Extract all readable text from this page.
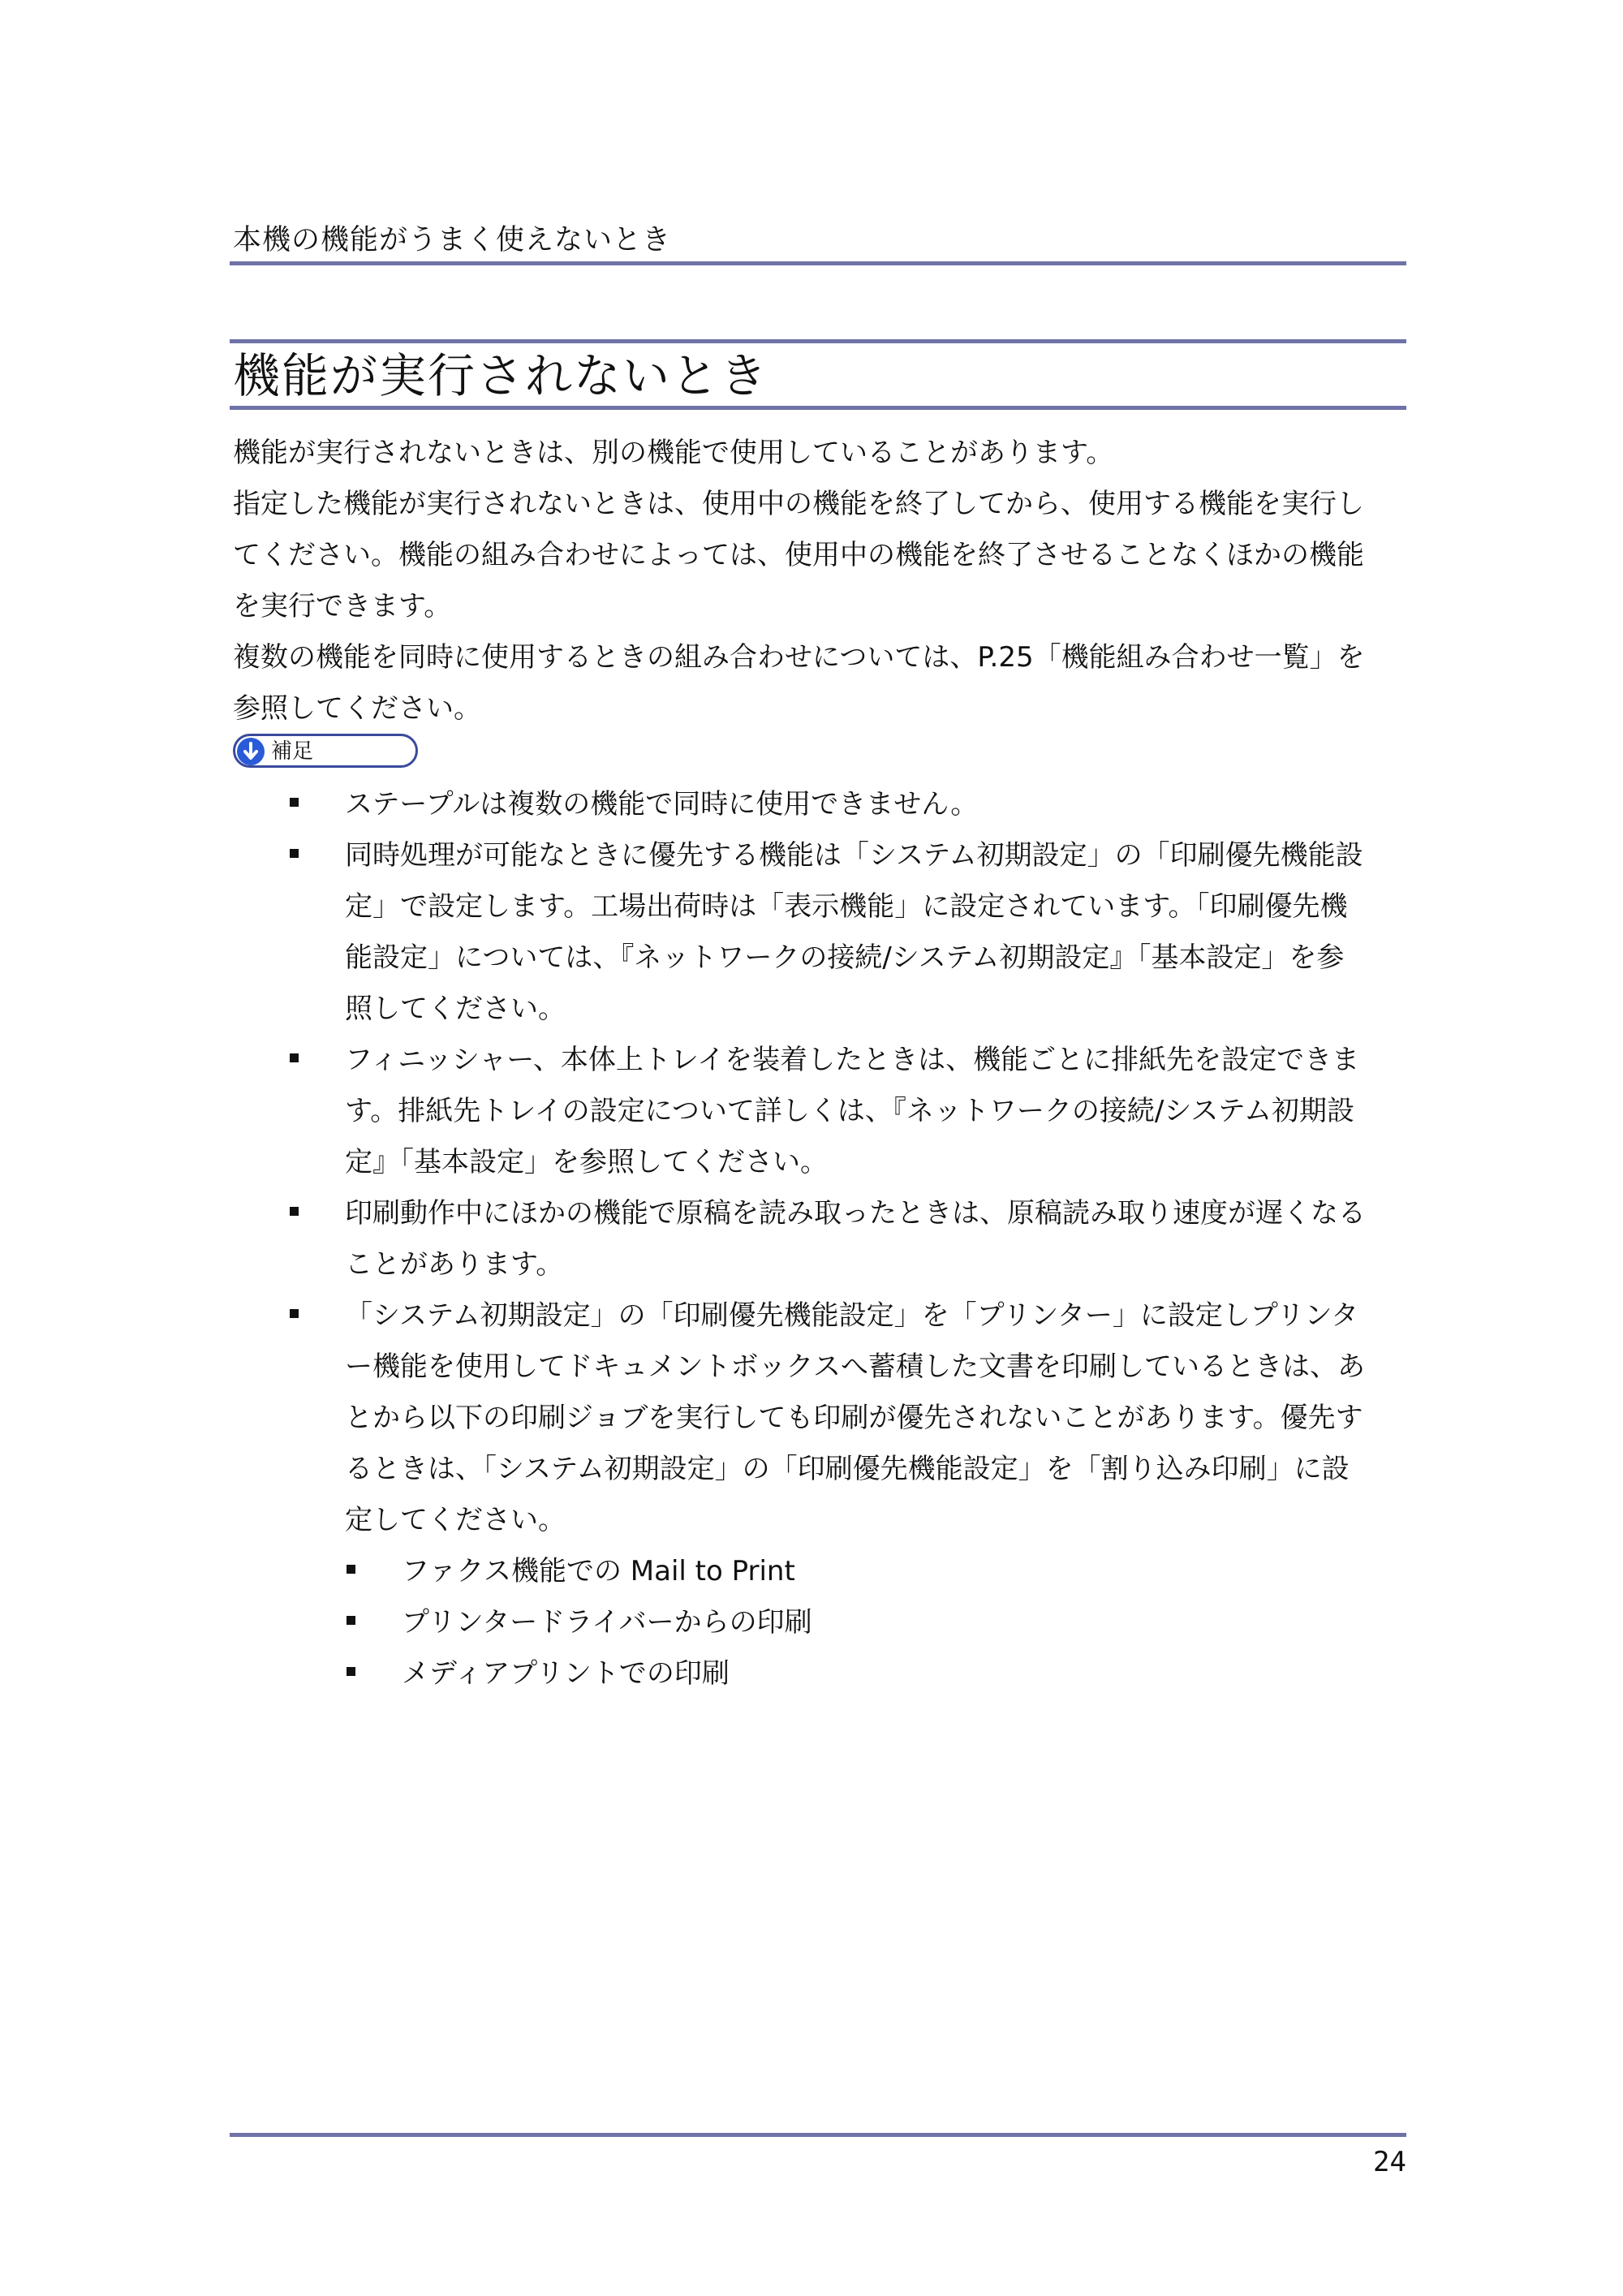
本機の機能がうまく使えないとき
機能が実行されないとき
機能が実行されないときは、別の機能で使用していることがあります。
指定した機能が実行されないときは、使用中の機能を終了してから、使用する機能を実行し
てください。機能の組み合わせによっては、使用中の機能を終了させることなくほかの機能
を実行できます。
複数の機能を同時に使用するときの組み合わせについては、P.25「機能組み合わせ一覧」を
参照してください。
補足
ステープルは複数の機能で同時に使用できません。
同時処理が可能なときに優先する機能は「システム初期設定」の「印刷優先機能設
定」で設定します。工場出荷時は「表示機能」に設定されています。「印刷優先機
能設定」については、『ネットワークの接続/システム初期設定』「基本設定」を参
照してください。
フィニッシャー、本体上トレイを装着したときは、機能ごとに排紙先を設定できま
す。排紙先トレイの設定について詳しくは、『ネットワークの接続/システム初期設
定』「基本設定」を参照してください。
印刷動作中にほかの機能で原稿を読み取ったときは、原稿読み取り速度が遅くなる
ことがあります。
「システム初期設定」の「印刷優先機能設定」を「プリンター」に設定しプリンタ
ー機能を使用してドキュメントボックスへ蓄積した文書を印刷しているときは、あ
とから以下の印刷ジョブを実行しても印刷が優先されないことがあります。優先す
るときは、「システム初期設定」の「印刷優先機能設定」を「割り込み印刷」に設
定してください。
ファクス機能での Mail to Print
プリンタードライバーからの印刷
メディアプリントでの印刷
24
